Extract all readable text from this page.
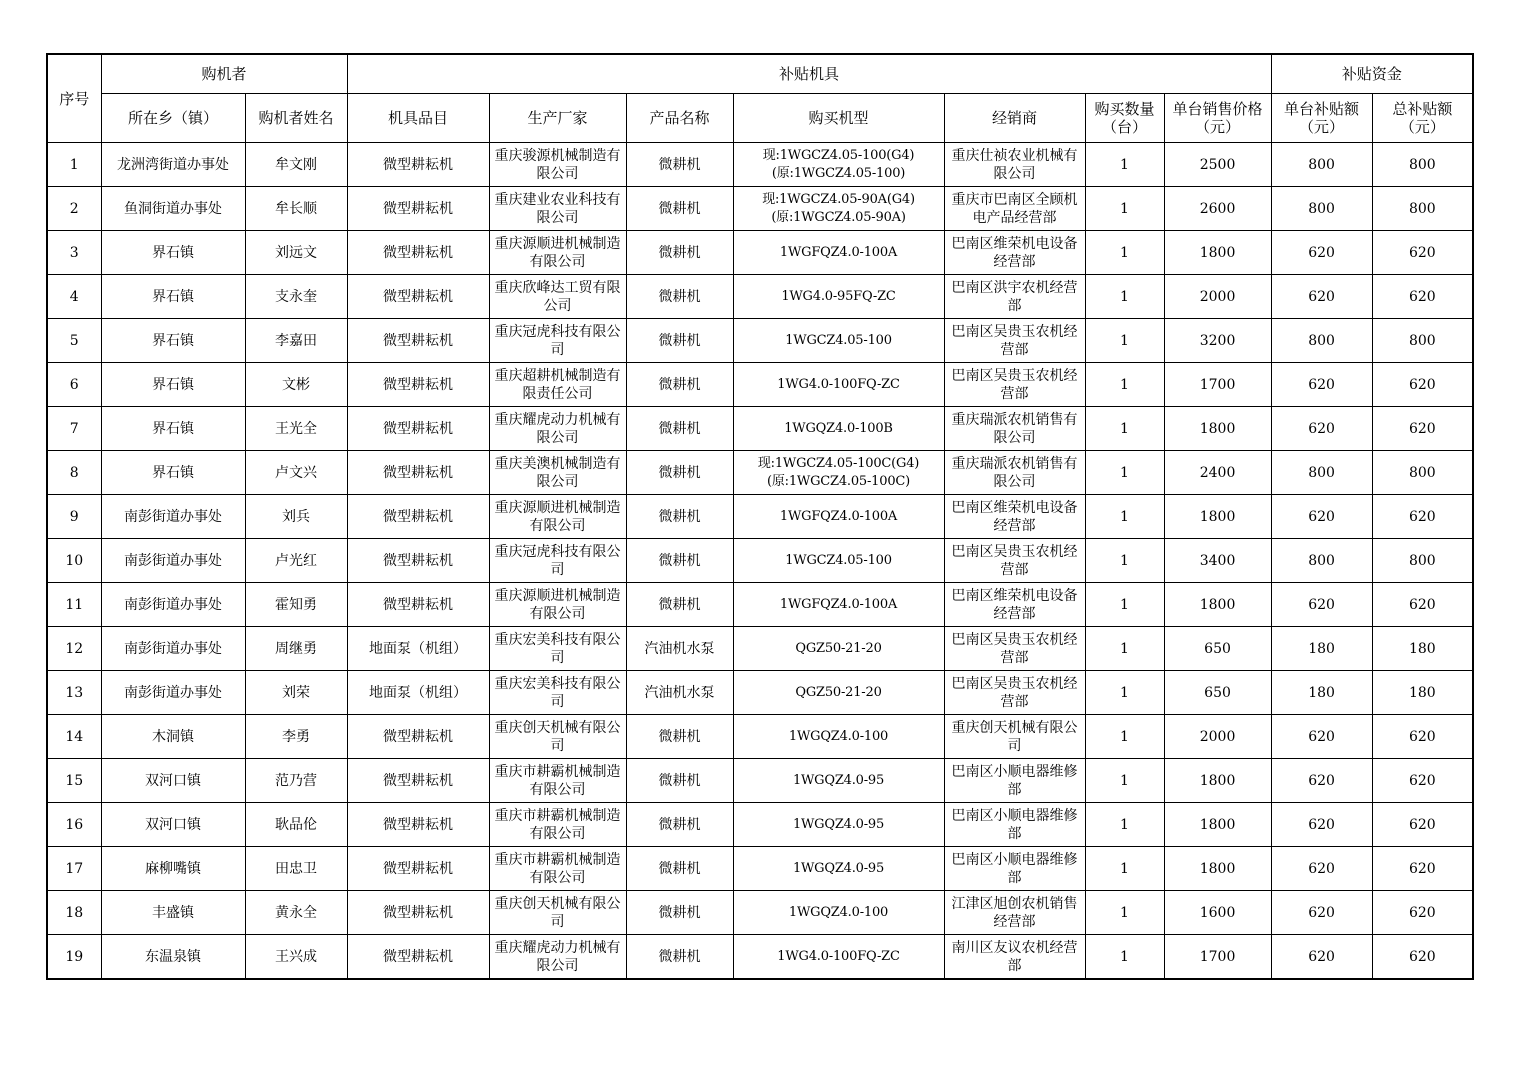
序号	购机者		补贴机具							补贴资金	
	所在乡（镇）	购机者姓名	机具品目	生产厂家	产品名称	购买机型	经销商	购买数量（台）	单台销售价格（元）	单台补贴额（元）	总补贴额（元）
1	龙洲湾街道办事处	牟文刚	微型耕耘机	重庆骏源机械制造有限公司	微耕机	现:1WGCZ4.05-100(G4)
(原:1WGCZ4.05-100)	重庆仕祯农业机械有限公司	1	2500	800	800
2	鱼洞街道办事处	牟长顺	微型耕耘机	重庆建业农业科技有限公司	微耕机	现:1WGCZ4.05-90A(G4)
(原:1WGCZ4.05-90A)	重庆市巴南区全顾机电产品经营部	1	2600	800	800
3	界石镇	刘远文	微型耕耘机	重庆源顺进机械制造有限公司	微耕机	1WGFQZ4.0-100A	巴南区维荣机电设备经营部	1	1800	620	620
4	界石镇	支永奎	微型耕耘机	重庆欣峰达工贸有限公司	微耕机	1WG4.0-95FQ-ZC	巴南区洪宇农机经营部	1	2000	620	620
5	界石镇	李嘉田	微型耕耘机	重庆冠虎科技有限公司	微耕机	1WGCZ4.05-100	巴南区吴贵玉农机经营部	1	3200	800	800
6	界石镇	文彬	微型耕耘机	重庆超耕机械制造有限责任公司	微耕机	1WG4.0-100FQ-ZC	巴南区吴贵玉农机经营部	1	1700	620	620
7	界石镇	王光全	微型耕耘机	重庆耀虎动力机械有限公司	微耕机	1WGQZ4.0-100B	重庆瑞派农机销售有限公司	1	1800	620	620
8	界石镇	卢文兴	微型耕耘机	重庆美澳机械制造有限公司	微耕机	现:1WGCZ4.05-100C(G4)
(原:1WGCZ4.05-100C)	重庆瑞派农机销售有限公司	1	2400	800	800
9	南彭街道办事处	刘兵	微型耕耘机	重庆源顺进机械制造有限公司	微耕机	1WGFQZ4.0-100A	巴南区维荣机电设备经营部	1	1800	620	620
10	南彭街道办事处	卢光红	微型耕耘机	重庆冠虎科技有限公司	微耕机	1WGCZ4.05-100	巴南区吴贵玉农机经营部	1	3400	800	800
11	南彭街道办事处	霍知勇	微型耕耘机	重庆源顺进机械制造有限公司	微耕机	1WGFQZ4.0-100A	巴南区维荣机电设备经营部	1	1800	620	620
12	南彭街道办事处	周继勇	地面泵（机组）	重庆宏美科技有限公司	汽油机水泵	QGZ50-21-20	巴南区吴贵玉农机经营部	1	650	180	180
13	南彭街道办事处	刘荣	地面泵（机组）	重庆宏美科技有限公司	汽油机水泵	QGZ50-21-20	巴南区吴贵玉农机经营部	1	650	180	180
14	木洞镇	李勇	微型耕耘机	重庆创天机械有限公司	微耕机	1WGQZ4.0-100	重庆创天机械有限公司	1	2000	620	620
15	双河口镇	范乃营	微型耕耘机	重庆市耕霸机械制造有限公司	微耕机	1WGQZ4.0-95	巴南区小顺电器维修部	1	1800	620	620
16	双河口镇	耿品伦	微型耕耘机	重庆市耕霸机械制造有限公司	微耕机	1WGQZ4.0-95	巴南区小顺电器维修部	1	1800	620	620
17	麻柳嘴镇	田忠卫	微型耕耘机	重庆市耕霸机械制造有限公司	微耕机	1WGQZ4.0-95	巴南区小顺电器维修部	1	1800	620	620
18	丰盛镇	黄永全	微型耕耘机	重庆创天机械有限公司	微耕机	1WGQZ4.0-100	江津区旭创农机销售经营部	1	1600	620	620
19	东温泉镇	王兴成	微型耕耘机	重庆耀虎动力机械有限公司	微耕机	1WG4.0-100FQ-ZC	南川区友议农机经营部	1	1700	620	620
